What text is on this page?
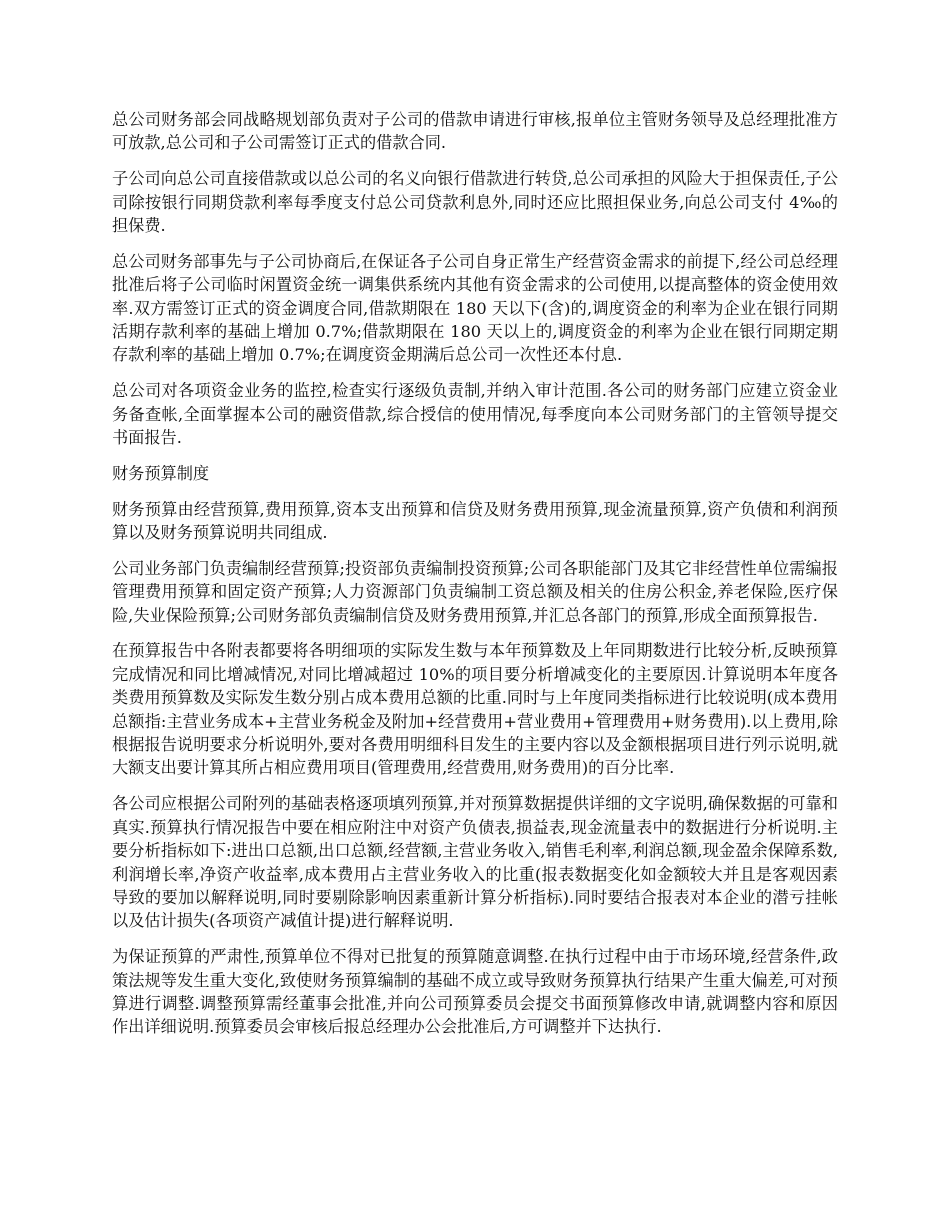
总公司财务部会同战略规划部负责对子公司的借款申请进行审核,报单位主管财务领导及总经理批准方可放款,总公司和子公司需签订正式的借款合同.

子公司向总公司直接借款或以总公司的名义向银行借款进行转贷,总公司承担的风险大于担保责任,子公司除按银行同期贷款利率每季度支付总公司贷款利息外,同时还应比照担保业务,向总公司支付 4‰的担保费.

总公司财务部事先与子公司协商后,在保证各子公司自身正常生产经营资金需求的前提下,经公司总经理批准后将子公司临时闲置资金统一调集供系统内其他有资金需求的公司使用,以提高整体的资金使用效率.双方需签订正式的资金调度合同,借款期限在 180 天以下(含)的,调度资金的利率为企业在银行同期活期存款利率的基础上增加 0.7%;借款期限在 180 天以上的,调度资金的利率为企业在银行同期定期存款利率的基础上增加 0.7%;在调度资金期满后总公司一次性还本付息.

总公司对各项资金业务的监控,检查实行逐级负责制,并纳入审计范围.各公司的财务部门应建立资金业务备查帐,全面掌握本公司的融资借款,综合授信的使用情况,每季度向本公司财务部门的主管领导提交书面报告.

财务预算制度

财务预算由经营预算,费用预算,资本支出预算和信贷及财务费用预算,现金流量预算,资产负债和利润预算以及财务预算说明共同组成.

公司业务部门负责编制经营预算;投资部负责编制投资预算;公司各职能部门及其它非经营性单位需编报管理费用预算和固定资产预算;人力资源部门负责编制工资总额及相关的住房公积金,养老保险,医疗保险,失业保险预算;公司财务部负责编制信贷及财务费用预算,并汇总各部门的预算,形成全面预算报告.

在预算报告中各附表都要将各明细项的实际发生数与本年预算数及上年同期数进行比较分析,反映预算完成情况和同比增减情况,对同比增减超过 10%的项目要分析增减变化的主要原因.计算说明本年度各类费用预算数及实际发生数分别占成本费用总额的比重.同时与上年度同类指标进行比较说明(成本费用总额指:主营业务成本+主营业务税金及附加+经营费用+营业费用+管理费用+财务费用).以上费用,除根据报告说明要求分析说明外,要对各费用明细科目发生的主要内容以及金额根据项目进行列示说明,就大额支出要计算其所占相应费用项目(管理费用,经营费用,财务费用)的百分比率.

各公司应根据公司附列的基础表格逐项填列预算,并对预算数据提供详细的文字说明,确保数据的可靠和真实.预算执行情况报告中要在相应附注中对资产负债表,损益表,现金流量表中的数据进行分析说明.主要分析指标如下:进出口总额,出口总额,经营额,主营业务收入,销售毛利率,利润总额,现金盈余保障系数,利润增长率,净资产收益率,成本费用占主营业务收入的比重(报表数据变化如金额较大并且是客观因素导致的要加以解释说明,同时要剔除影响因素重新计算分析指标).同时要结合报表对本企业的潜亏挂帐以及估计损失(各项资产减值计提)进行解释说明.

为保证预算的严肃性,预算单位不得对已批复的预算随意调整.在执行过程中由于市场环境,经营条件,政策法规等发生重大变化,致使财务预算编制的基础不成立或导致财务预算执行结果产生重大偏差,可对预算进行调整.调整预算需经董事会批准,并向公司预算委员会提交书面预算修改申请,就调整内容和原因作出详细说明.预算委员会审核后报总经理办公会批准后,方可调整并下达执行.
